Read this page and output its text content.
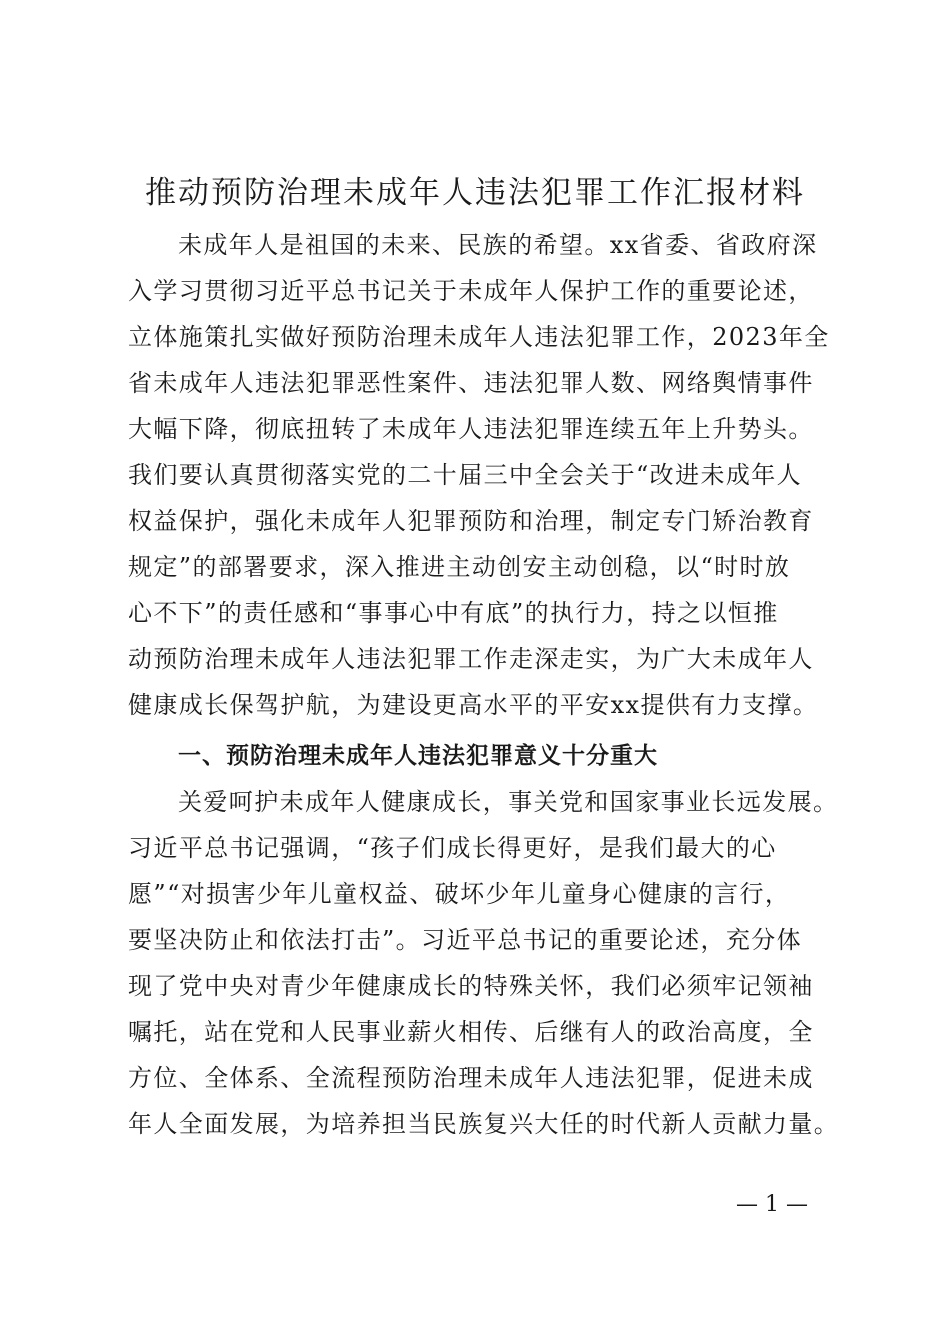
推动预防治理未成年人违法犯罪工作汇报材料
未成年人是祖国的未来、民族的希望。xx省委、省政府深
入学习贯彻习近平总书记关于未成年人保护工作的重要论述，
立体施策扎实做好预防治理未成年人违法犯罪工作，2023年全
省未成年人违法犯罪恶性案件、违法犯罪人数、网络舆情事件
大幅下降，彻底扭转了未成年人违法犯罪连续五年上升势头。
我们要认真贯彻落实党的二十届三中全会关于“改进未成年人
权益保护，强化未成年人犯罪预防和治理，制定专门矫治教育
规定”的部署要求，深入推进主动创安主动创稳，以“时时放
心不下”的责任感和“事事心中有底”的执行力，持之以恒推
动预防治理未成年人违法犯罪工作走深走实，为广大未成年人
健康成长保驾护航，为建设更高水平的平安xx提供有力支撑。
一、预防治理未成年人违法犯罪意义十分重大
关爱呵护未成年人健康成长，事关党和国家事业长远发展。
习近平总书记强调，“孩子们成长得更好，是我们最大的心
愿”“对损害少年儿童权益、破坏少年儿童身心健康的言行，
要坚决防止和依法打击”。习近平总书记的重要论述，充分体
现了党中央对青少年健康成长的特殊关怀，我们必须牢记领袖
嘱托，站在党和人民事业薪火相传、后继有人的政治高度，全
方位、全体系、全流程预防治理未成年人违法犯罪，促进未成
年人全面发展，为培养担当民族复兴大任的时代新人贡献力量。
— 1 —
